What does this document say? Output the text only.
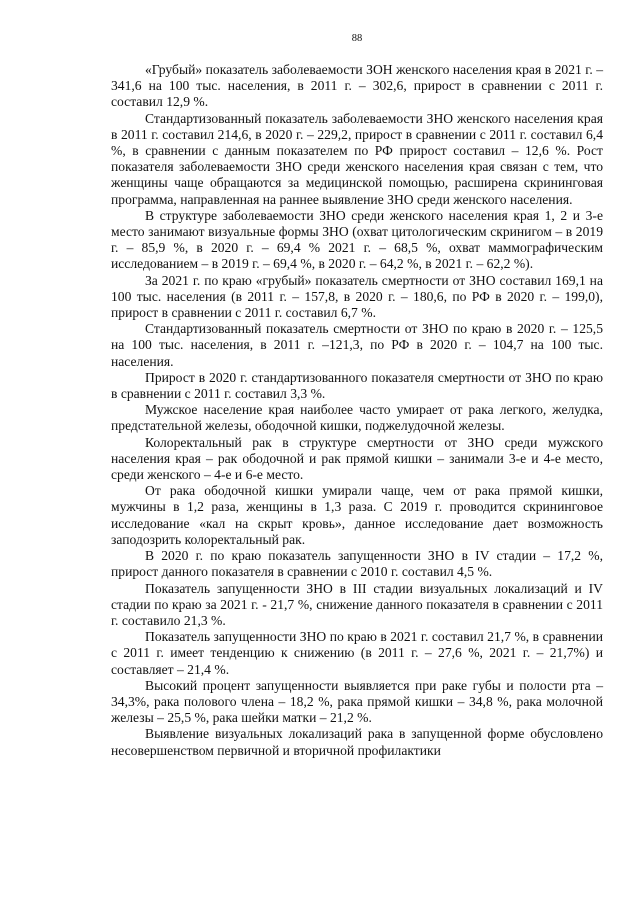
88

«Грубый» показатель заболеваемости ЗОН женского населения края в 2021 г. – 341,6 на 100 тыс. населения, в 2011 г. – 302,6, прирост в сравнении с 2011 г. составил 12,9 %.

Стандартизованный показатель заболеваемости ЗНО женского населения края в 2011 г. составил 214,6, в 2020 г. – 229,2, прирост в сравнении с 2011 г. составил 6,4 %, в сравнении с данным показателем по РФ прирост составил – 12,6 %. Рост показателя заболеваемости ЗНО среди женского населения края связан с тем, что женщины чаще обращаются за медицинской помощью, расширена скрининговая программа, направленная на раннее выявление ЗНО среди женского населения.

В структуре заболеваемости ЗНО среди женского населения края 1, 2 и 3-е место занимают визуальные формы ЗНО (охват цитологическим скринигом – в 2019 г. – 85,9 %, в 2020 г. – 69,4 % 2021 г. – 68,5 %, охват маммографическим исследованием – в 2019 г. – 69,4 %, в 2020 г. – 64,2 %, в 2021 г. – 62,2 %).

За 2021 г. по краю «грубый» показатель смертности от ЗНО составил 169,1 на 100 тыс. населения (в 2011 г. – 157,8, в 2020 г. – 180,6, по РФ в 2020 г. – 199,0), прирост в сравнении с 2011 г. составил 6,7 %.

Стандартизованный показатель смертности от ЗНО по краю в 2020 г. – 125,5 на 100 тыс. населения, в 2011 г. –121,3, по РФ в 2020 г. – 104,7 на 100 тыс. населения.

Прирост в 2020 г. стандартизованного показателя смертности от ЗНО по краю в сравнении с 2011 г. составил 3,3 %.

Мужское население края наиболее часто умирает от рака легкого, желудка, предстательной железы, ободочной кишки, поджелудочной железы.

Колоректальный рак в структуре смертности от ЗНО среди мужского населения края – рак ободочной и рак прямой кишки – занимали 3-е и 4-е место, среди женского – 4-е и 6-е место.

От рака ободочной кишки умирали чаще, чем от рака прямой кишки, мужчины в 1,2 раза, женщины в 1,3 раза. С 2019 г. проводится скрининговое исследование «кал на скрыт кровь», данное исследование дает возможность заподозрить колоректальный рак.

В 2020 г. по краю показатель запущенности ЗНО в IV стадии – 17,2 %, прирост данного показателя в сравнении с 2010 г. составил 4,5 %.

Показатель запущенности ЗНО в III стадии визуальных локализаций и IV стадии по краю за 2021 г. - 21,7 %, снижение данного показателя в сравнении с 2011 г. составило 21,3 %.

Показатель запущенности ЗНО по краю в 2021 г. составил 21,7 %, в сравнении с 2011 г. имеет тенденцию к снижению (в 2011 г. – 27,6 %, 2021 г. – 21,7%) и составляет – 21,4 %.

Высокий процент запущенности выявляется при раке губы и полости рта – 34,3%, рака полового члена – 18,2 %, рака прямой кишки – 34,8 %, рака молочной железы – 25,5 %, рака шейки матки – 21,2 %.

Выявление визуальных локализаций рака в запущенной форме обусловлено несовершенством первичной и вторичной профилактики
